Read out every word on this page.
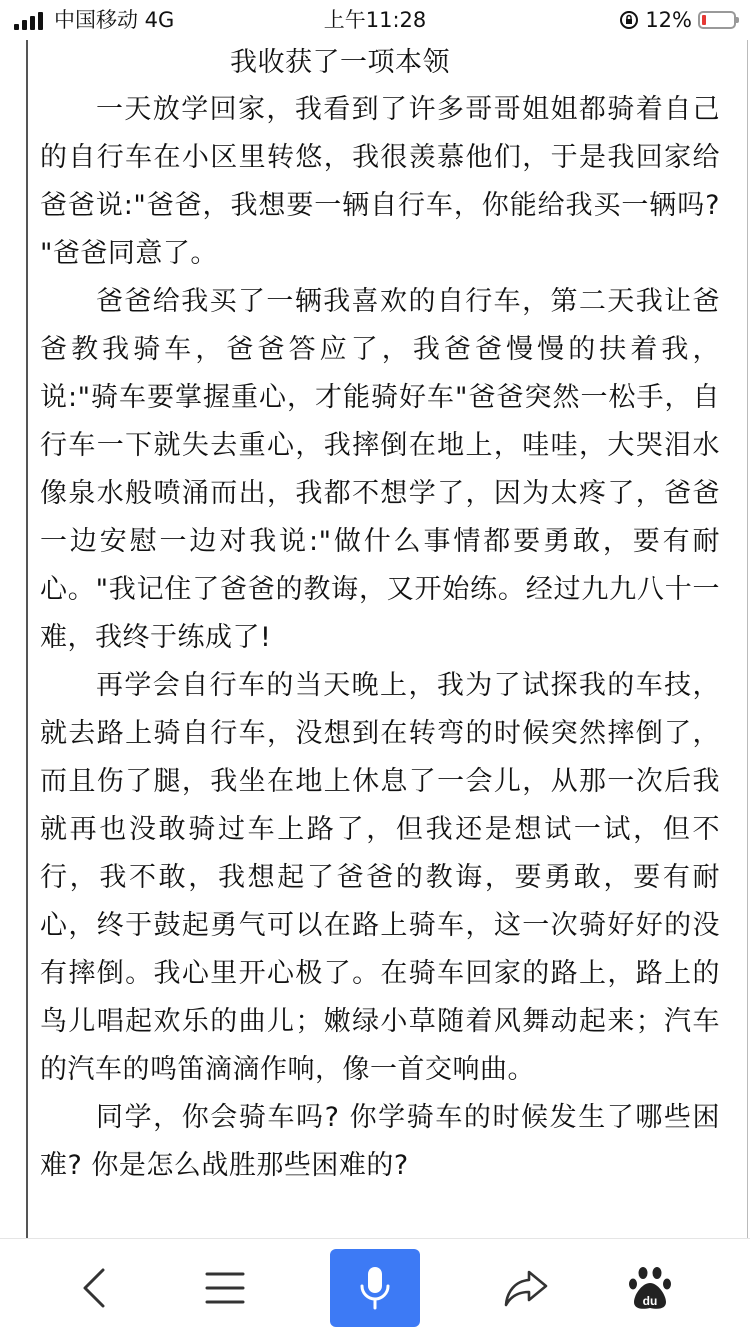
中国移动 4G	上午11:28	12%
我收获了一项本领

一天放学回家，我看到了许多哥哥姐姐都骑着自己的自行车在小区里转悠，我很羡慕他们，于是我回家给爸爸说:"爸爸，我想要一辆自行车，你能给我买一辆吗? "爸爸同意了。

爸爸给我买了一辆我喜欢的自行车，第二天我让爸爸教我骑车，爸爸答应了，我爸爸慢慢的扶着我，说:"骑车要掌握重心，才能骑好车"爸爸突然一松手，自行车一下就失去重心，我摔倒在地上，哇哇，大哭泪水像泉水般喷涌而出，我都不想学了，因为太疼了，爸爸一边安慰一边对我说:"做什么事情都要勇敢，要有耐心。"我记住了爸爸的教诲，又开始练。经过九九八十一难，我终于练成了!

再学会自行车的当天晚上，我为了试探我的车技，就去路上骑自行车，没想到在转弯的时候突然摔倒了，而且伤了腿，我坐在地上休息了一会儿，从那一次后我就再也没敢骑过车上路了，但我还是想试一试，但不行，我不敢，我想起了爸爸的教诲，要勇敢，要有耐心，终于鼓起勇气可以在路上骑车，这一次骑好好的没有摔倒。我心里开心极了。在骑车回家的路上，路上的鸟儿唱起欢乐的曲儿；嫩绿小草随着风舞动起来；汽车的汽车的鸣笛滴滴作响，像一首交响曲。

同学，你会骑车吗? 你学骑车的时候发生了哪些困难? 你是怎么战胜那些困难的?

du
